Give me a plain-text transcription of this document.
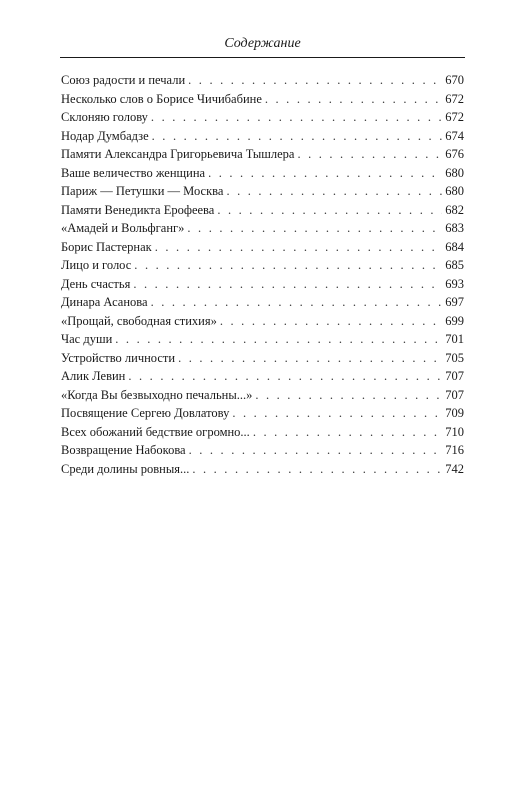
Содержание
Союз радости и печали . . .	670
Несколько слов о Борисе Чичибабине . . .	672
Склоняю голову . . .	672
Нодар Думбадзе . . .	674
Памяти Александра Григорьевича Тышлера . . .	676
Ваше величество женщина . . .	680
Париж — Петушки — Москва . . .	680
Памяти Венедикта Ерофеева . . .	682
«Амадей и Вольфганг» . . .	683
Борис Пастернак . . .	684
Лицо и голос . . .	685
День счастья . . .	693
Динара Асанова . . .	697
«Прощай, свободная стихия» . . .	699
Час души . . .	701
Устройство личности . . .	705
Алик Левин . . .	707
«Когда Вы безвыходно печальны...» . . .	707
Посвящение Сергею Довлатову . . .	709
Всех обожаний бедствие огромно... . . .	710
Возвращение Набокова . . .	716
Среди долины ровныя... . . .	742
